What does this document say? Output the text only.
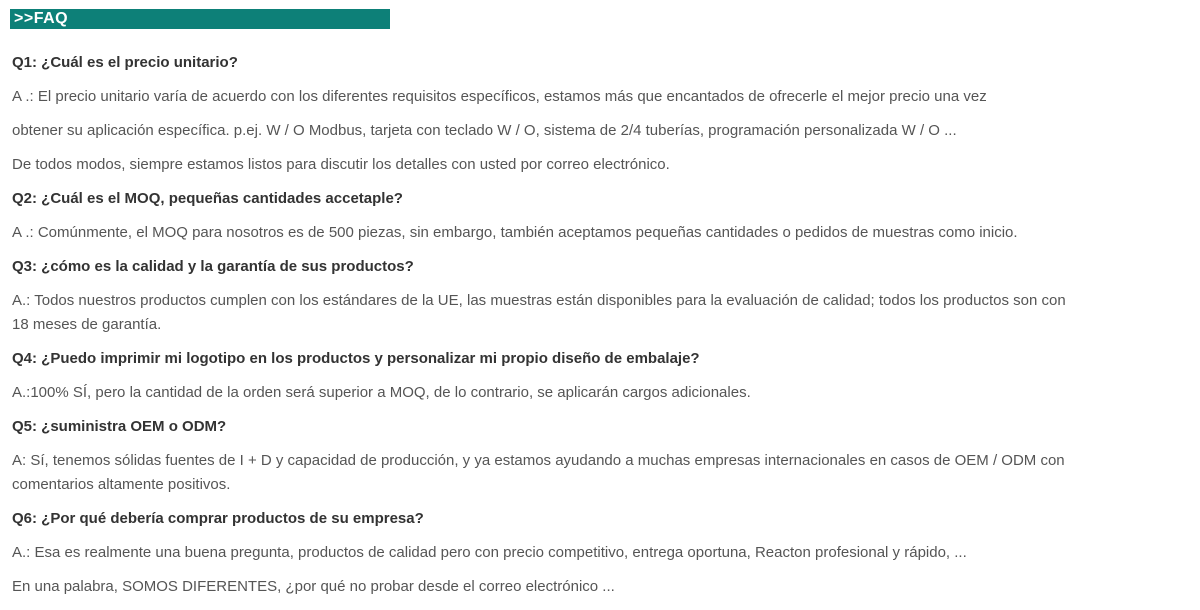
>>FAQ

Q1: ¿Cuál es el precio unitario?

A .: El precio unitario varía de acuerdo con los diferentes requisitos específicos, estamos más que encantados de ofrecerle el mejor precio una vez

obtener su aplicación específica. p.ej. W / O Modbus, tarjeta con teclado W / O, sistema de 2/4 tuberías, programación personalizada W / O ...

De todos modos, siempre estamos listos para discutir los detalles con usted por correo electrónico.

Q2: ¿Cuál es el MOQ, pequeñas cantidades accetaple?

A .: Comúnmente, el MOQ para nosotros es de 500 piezas, sin embargo, también aceptamos pequeñas cantidades o pedidos de muestras como inicio.

Q3: ¿cómo es la calidad y la garantía de sus productos?

A.: Todos nuestros productos cumplen con los estándares de la UE, las muestras están disponibles para la evaluación de calidad; todos los productos son con

18 meses de garantía.

Q4: ¿Puedo imprimir mi logotipo en los productos y personalizar mi propio diseño de embalaje?

A.:100% SÍ, pero la cantidad de la orden será superior a MOQ, de lo contrario, se aplicarán cargos adicionales.

Q5: ¿suministra OEM o ODM?

A: Sí, tenemos sólidas fuentes de I + D y capacidad de producción, y ya estamos ayudando a muchas empresas internacionales en casos de OEM / ODM con

comentarios altamente positivos.

Q6: ¿Por qué debería comprar productos de su empresa?

A.: Esa es realmente una buena pregunta, productos de calidad pero con precio competitivo, entrega oportuna, Reacton profesional y rápido, ...

En una palabra, SOMOS DIFERENTES, ¿por qué no probar desde el correo electrónico ...
